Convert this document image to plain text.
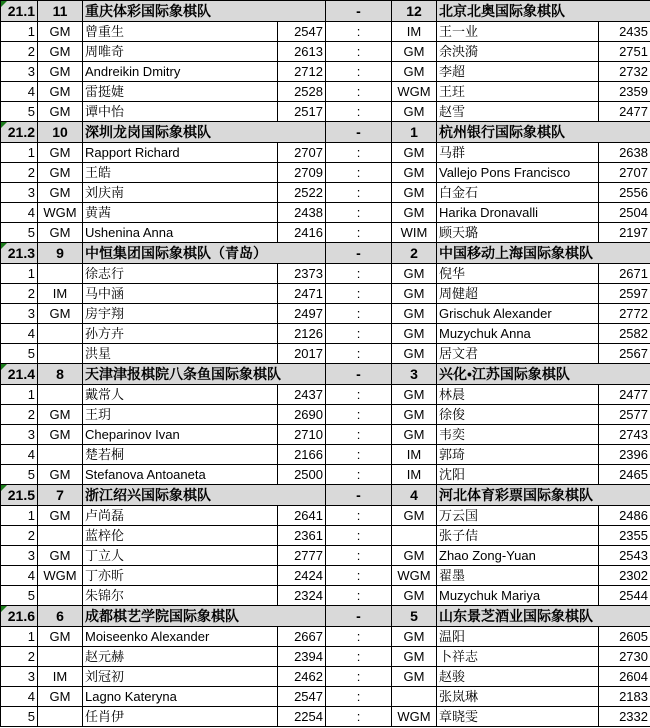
21.1	11	重庆体彩国际象棋队		-	12	北京北奥国际象棋队	
1	GM	曾重生	2547	:	IM	王一业	2435
2	GM	周唯奇	2613	:	GM	余泱漪	2751
3	GM	Andreikin Dmitry	2712	:	GM	李超	2732
4	GM	雷挺婕	2528	:	WGM	王玨	2359
5	GM	谭中怡	2517	:	GM	赵雪	2477
21.2	10	深圳龙岗国际象棋队		-	1	杭州银行国际象棋队	
1	GM	Rapport Richard	2707	:	GM	马群	2638
2	GM	王皓	2709	:	GM	Vallejo Pons Francisco	2707
3	GM	刘庆南	2522	:	GM	白金石	2556
4	WGM	黄茜	2438	:	GM	Harika Dronavalli	2504
5	GM	Ushenina Anna	2416	:	WIM	顾天璐	2197
21.3	9	中恒集团国际象棋队（青岛）		-	2	中国移动上海国际象棋队	
1		徐志行	2373	:	GM	倪华	2671
2	IM	马中涵	2471	:	GM	周健超	2597
3	GM	房宇翔	2497	:	GM	Grischuk Alexander	2772
4		孙方卉	2126	:	GM	Muzychuk Anna	2582
5		洪星	2017	:	GM	居文君	2567
21.4	8	天津津报棋院八条鱼国际象棋队		-	3	兴化•江苏国际象棋队	
1		戴常人	2437	:	GM	林晨	2477
2	GM	王玥	2690	:	GM	徐俊	2577
3	GM	Cheparinov Ivan	2710	:	GM	韦奕	2743
4		楚若桐	2166	:	IM	郭琦	2396
5	GM	Stefanova Antoaneta	2500	:	IM	沈阳	2465
21.5	7	浙江绍兴国际象棋队		-	4	河北体育彩票国际象棋队	
1	GM	卢尚磊	2641	:	GM	万云国	2486
2		蓝梓伦	2361	:		张子佶	2355
3	GM	丁立人	2777	:	GM	Zhao Zong-Yuan	2543
4	WGM	丁亦昕	2424	:	WGM	翟墨	2302
5		朱锦尔	2324	:	GM	Muzychuk Mariya	2544
21.6	6	成都棋艺学院国际象棋队		-	5	山东景芝酒业国际象棋队	
1	GM	Moiseenko Alexander	2667	:	GM	温阳	2605
2		赵元赫	2394	:	GM	卜祥志	2730
3	IM	刘冠初	2462	:	GM	赵骏	2604
4	GM	Lagno Kateryna	2547	:		张岚琳	2183
5		任肖伊	2254	:	WGM	章晓雯	2332
